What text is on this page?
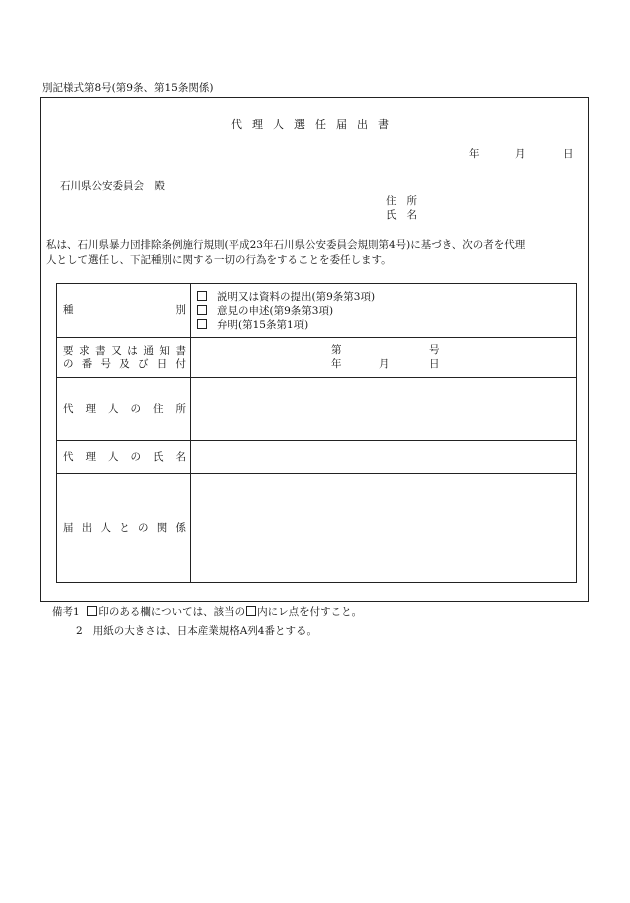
別記様式第8号(第9条、第15条関係)
代理人選任届出書
年	月	日
石川県公安委員会　殿
住所
氏名
私は、石川県暴力団排除条例施行規則(平成23年石川県公安委員会規則第4号)に基づき、次の者を代理
人として選任し、下記種別に関する一切の行為をすることを委任します。
種 別	説明又は資料の提出(第9条第3項)
意見の申述(第9条第3項)
弁明(第15条第1項)

要求書又は通知書
の番号及び日付	第 号
年 月 日

代理人の住所	

代理人の氏名	

届出人との関係	

備考1 印のある欄については、該当の 内にレ点を付すこと。
2 用紙の大きさは、日本産業規格A列4番とする。
